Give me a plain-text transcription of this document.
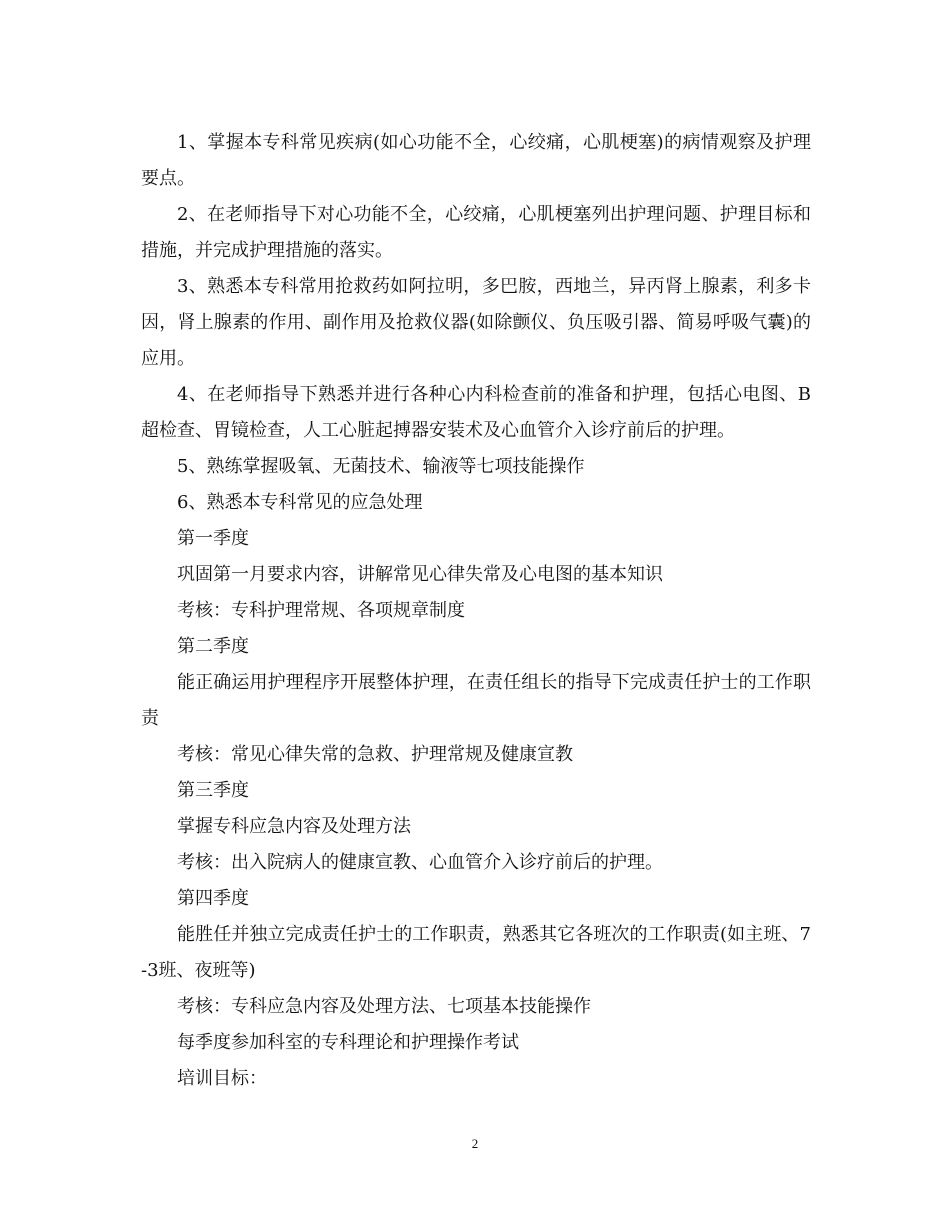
1、掌握本专科常见疾病(如心功能不全，心绞痛，心肌梗塞)的病情观察及护理要点。

2、在老师指导下对心功能不全，心绞痛，心肌梗塞列出护理问题、护理目标和措施，并完成护理措施的落实。

3、熟悉本专科常用抢救药如阿拉明，多巴胺，西地兰，异丙肾上腺素，利多卡因，肾上腺素的作用、副作用及抢救仪器(如除颤仪、负压吸引器、简易呼吸气囊)的应用。

4、在老师指导下熟悉并进行各种心内科检查前的准备和护理，包括心电图、B超检查、胃镜检查，人工心脏起搏器安装术及心血管介入诊疗前后的护理。

5、熟练掌握吸氧、无菌技术、输液等七项技能操作

6、熟悉本专科常见的应急处理

第一季度

巩固第一月要求内容，讲解常见心律失常及心电图的基本知识

考核：专科护理常规、各项规章制度

第二季度

能正确运用护理程序开展整体护理，在责任组长的指导下完成责任护士的工作职责

考核：常见心律失常的急救、护理常规及健康宣教

第三季度

掌握专科应急内容及处理方法

考核：出入院病人的健康宣教、心血管介入诊疗前后的护理。

第四季度

能胜任并独立完成责任护士的工作职责，熟悉其它各班次的工作职责(如主班、7-3班、夜班等)

考核：专科应急内容及处理方法、七项基本技能操作

每季度参加科室的专科理论和护理操作考试

培训目标：

2
